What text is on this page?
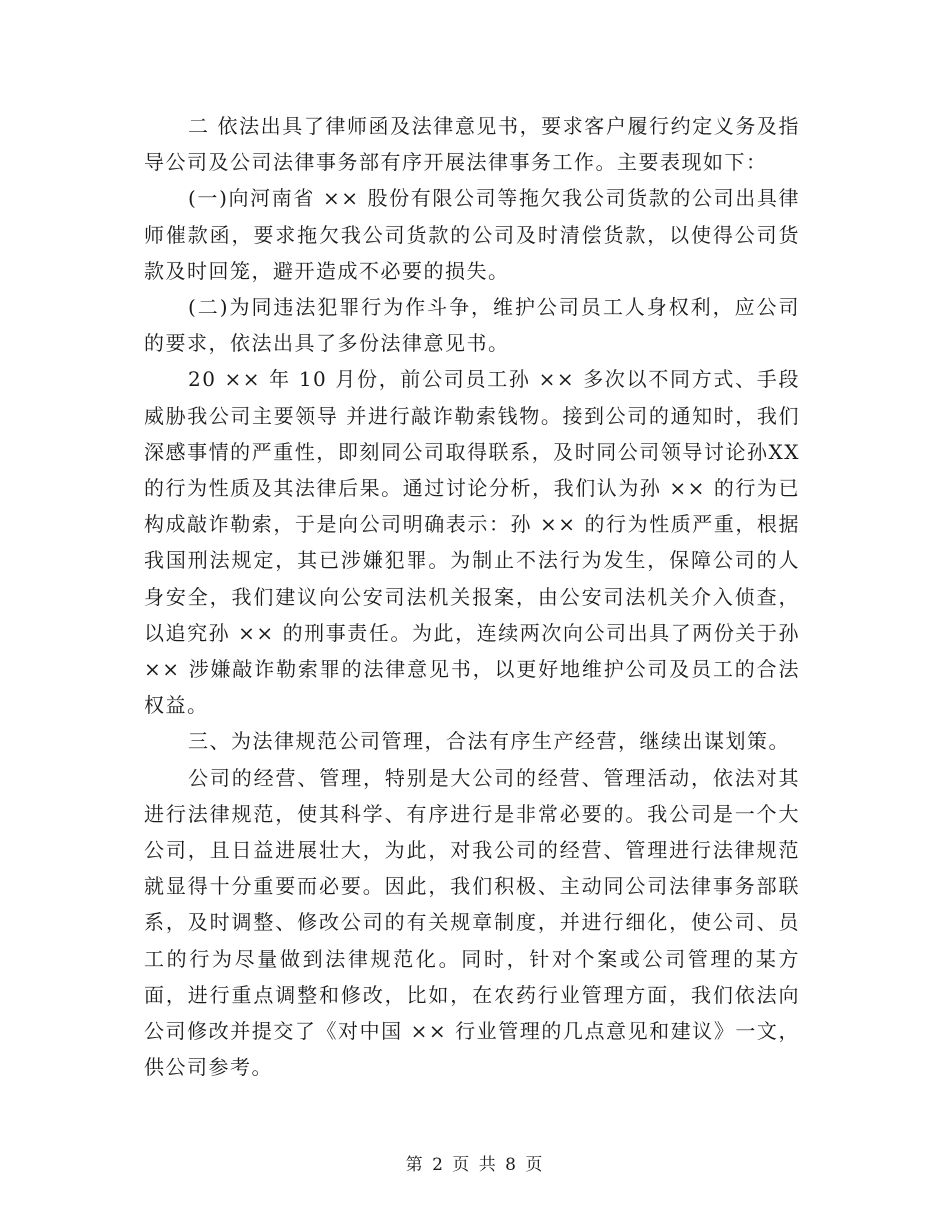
二 依法出具了律师函及法律意见书，要求客户履行约定义务及指导公司及公司法律事务部有序开展法律事务工作。主要表现如下：

(一)向河南省 ×× 股份有限公司等拖欠我公司货款的公司出具律师催款函，要求拖欠我公司货款的公司及时清偿货款，以使得公司货款及时回笼，避开造成不必要的损失。

(二)为同违法犯罪行为作斗争，维护公司员工人身权利，应公司的要求，依法出具了多份法律意见书。

20 ×× 年 10 月份，前公司员工孙 ×× 多次以不同方式、手段威胁我公司主要领导 并进行敲诈勒索钱物。接到公司的通知时，我们深感事情的严重性，即刻同公司取得联系，及时同公司领导讨论孙XX的行为性质及其法律后果。通过讨论分析，我们认为孙 ×× 的行为已构成敲诈勒索，于是向公司明确表示：孙 ×× 的行为性质严重，根据我国刑法规定，其已涉嫌犯罪。为制止不法行为发生，保障公司的人身安全，我们建议向公安司法机关报案，由公安司法机关介入侦查，以追究孙 ×× 的刑事责任。为此，连续两次向公司出具了两份关于孙 ×× 涉嫌敲诈勒索罪的法律意见书，以更好地维护公司及员工的合法权益。

三、为法律规范公司管理，合法有序生产经营，继续出谋划策。

公司的经营、管理，特别是大公司的经营、管理活动，依法对其进行法律规范，使其科学、有序进行是非常必要的。我公司是一个大公司，且日益进展壮大，为此，对我公司的经营、管理进行法律规范就显得十分重要而必要。因此，我们积极、主动同公司法律事务部联系，及时调整、修改公司的有关规章制度，并进行细化，使公司、员工的行为尽量做到法律规范化。同时，针对个案或公司管理的某方面，进行重点调整和修改，比如，在农药行业管理方面，我们依法向公司修改并提交了《对中国 ×× 行业管理的几点意见和建议》一文，供公司参考。

第 2 页 共 8 页
